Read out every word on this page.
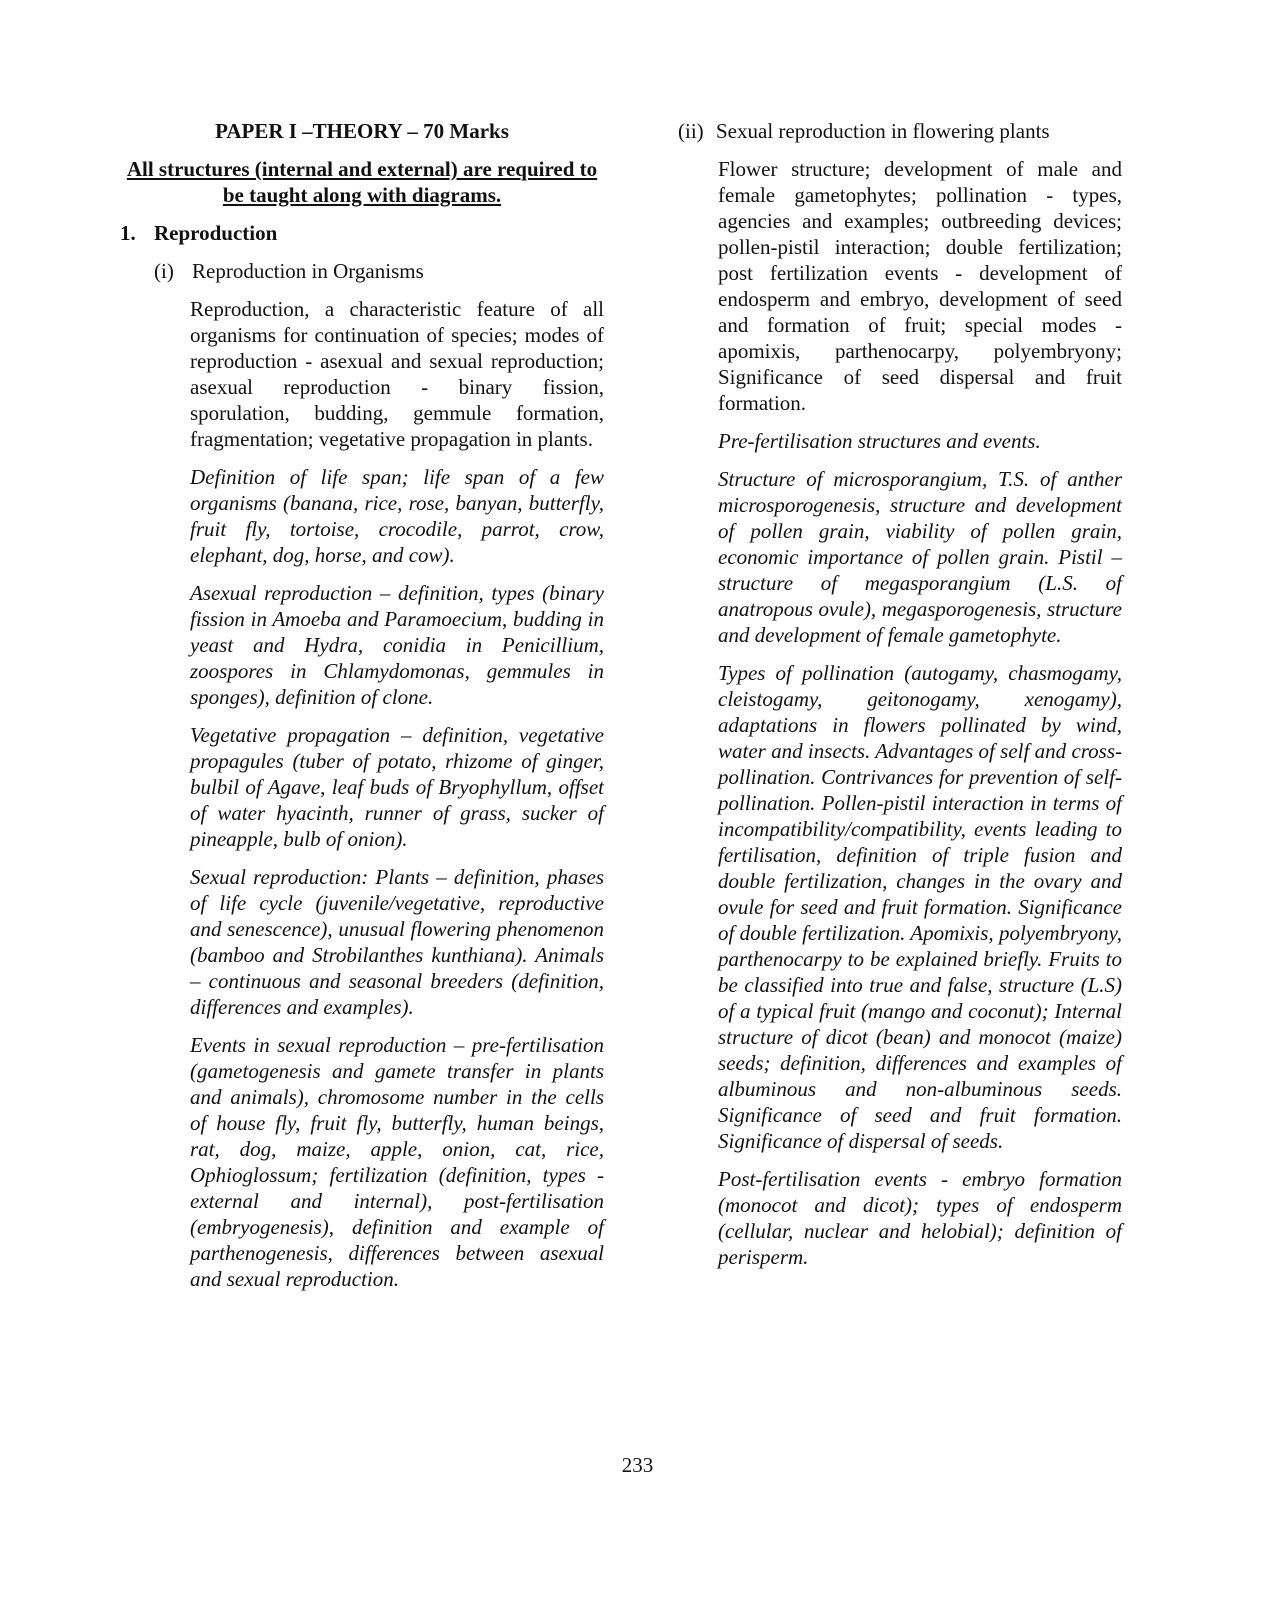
PAPER I –THEORY – 70 Marks

All structures (internal and external) are required to be taught along with diagrams.

1. Reproduction
(i) Reproduction in Organisms

Reproduction, a characteristic feature of all organisms for continuation of species; modes of reproduction - asexual and sexual reproduction; asexual reproduction - binary fission, sporulation, budding, gemmule formation, fragmentation; vegetative propagation in plants.

Definition of life span; life span of a few organisms (banana, rice, rose, banyan, butterfly, fruit fly, tortoise, crocodile, parrot, crow, elephant, dog, horse, and cow).

Asexual reproduction – definition, types (binary fission in Amoeba and Paramoecium, budding in yeast and Hydra, conidia in Penicillium, zoospores in Chlamydomonas, gemmules in sponges), definition of clone.

Vegetative propagation – definition, vegetative propagules (tuber of potato, rhizome of ginger, bulbil of Agave, leaf buds of Bryophyllum, offset of water hyacinth, runner of grass, sucker of pineapple, bulb of onion).

Sexual reproduction: Plants – definition, phases of life cycle (juvenile/vegetative, reproductive and senescence), unusual flowering phenomenon (bamboo and Strobilanthes kunthiana). Animals – continuous and seasonal breeders (definition, differences and examples).

Events in sexual reproduction – pre-fertilisation (gametogenesis and gamete transfer in plants and animals), chromosome number in the cells of house fly, fruit fly, butterfly, human beings, rat, dog, maize, apple, onion, cat, rice, Ophioglossum; fertilization (definition, types - external and internal), post-fertilisation (embryogenesis), definition and example of parthenogenesis, differences between asexual and sexual reproduction.

(ii) Sexual reproduction in flowering plants

Flower structure; development of male and female gametophytes; pollination - types, agencies and examples; outbreeding devices; pollen-pistil interaction; double fertilization; post fertilization events - development of endosperm and embryo, development of seed and formation of fruit; special modes - apomixis, parthenocarpy, polyembryony; Significance of seed dispersal and fruit formation.

Pre-fertilisation structures and events.

Structure of microsporangium, T.S. of anther microsporogenesis, structure and development of pollen grain, viability of pollen grain, economic importance of pollen grain. Pistil – structure of megasporangium (L.S. of anatropous ovule), megasporogenesis, structure and development of female gametophyte.

Types of pollination (autogamy, chasmogamy, cleistogamy, geitonogamy, xenogamy), adaptations in flowers pollinated by wind, water and insects. Advantages of self and cross-pollination. Contrivances for prevention of self-pollination. Pollen-pistil interaction in terms of incompatibility/compatibility, events leading to fertilisation, definition of triple fusion and double fertilization, changes in the ovary and ovule for seed and fruit formation. Significance of double fertilization. Apomixis, polyembryony, parthenocarpy to be explained briefly. Fruits to be classified into true and false, structure (L.S) of a typical fruit (mango and coconut); Internal structure of dicot (bean) and monocot (maize) seeds; definition, differences and examples of albuminous and non-albuminous seeds. Significance of seed and fruit formation. Significance of dispersal of seeds.

Post-fertilisation events - embryo formation (monocot and dicot); types of endosperm (cellular, nuclear and helobial); definition of perisperm.

233
